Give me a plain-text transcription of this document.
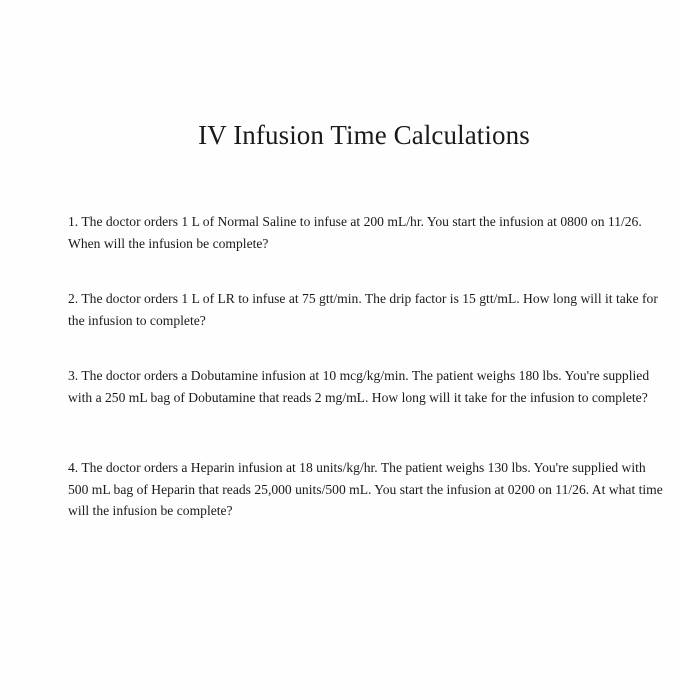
IV Infusion Time Calculations
1. The doctor orders 1 L of Normal Saline to infuse at 200 mL/hr. You start the infusion at 0800 on 11/26. When will the infusion be complete?
2. The doctor orders 1 L of LR to infuse at 75 gtt/min. The drip factor is 15 gtt/mL. How long will it take for the infusion to complete?
3. The doctor orders a Dobutamine infusion at 10 mcg/kg/min. The patient weighs 180 lbs. You're supplied with a 250 mL bag of Dobutamine that reads 2 mg/mL. How long will it take for the infusion to complete?
4. The doctor orders a Heparin infusion at 18 units/kg/hr. The patient weighs 130 lbs. You're supplied with 500 mL bag of Heparin that reads 25,000 units/500 mL. You start the infusion at 0200 on 11/26. At what time will the infusion be complete?
